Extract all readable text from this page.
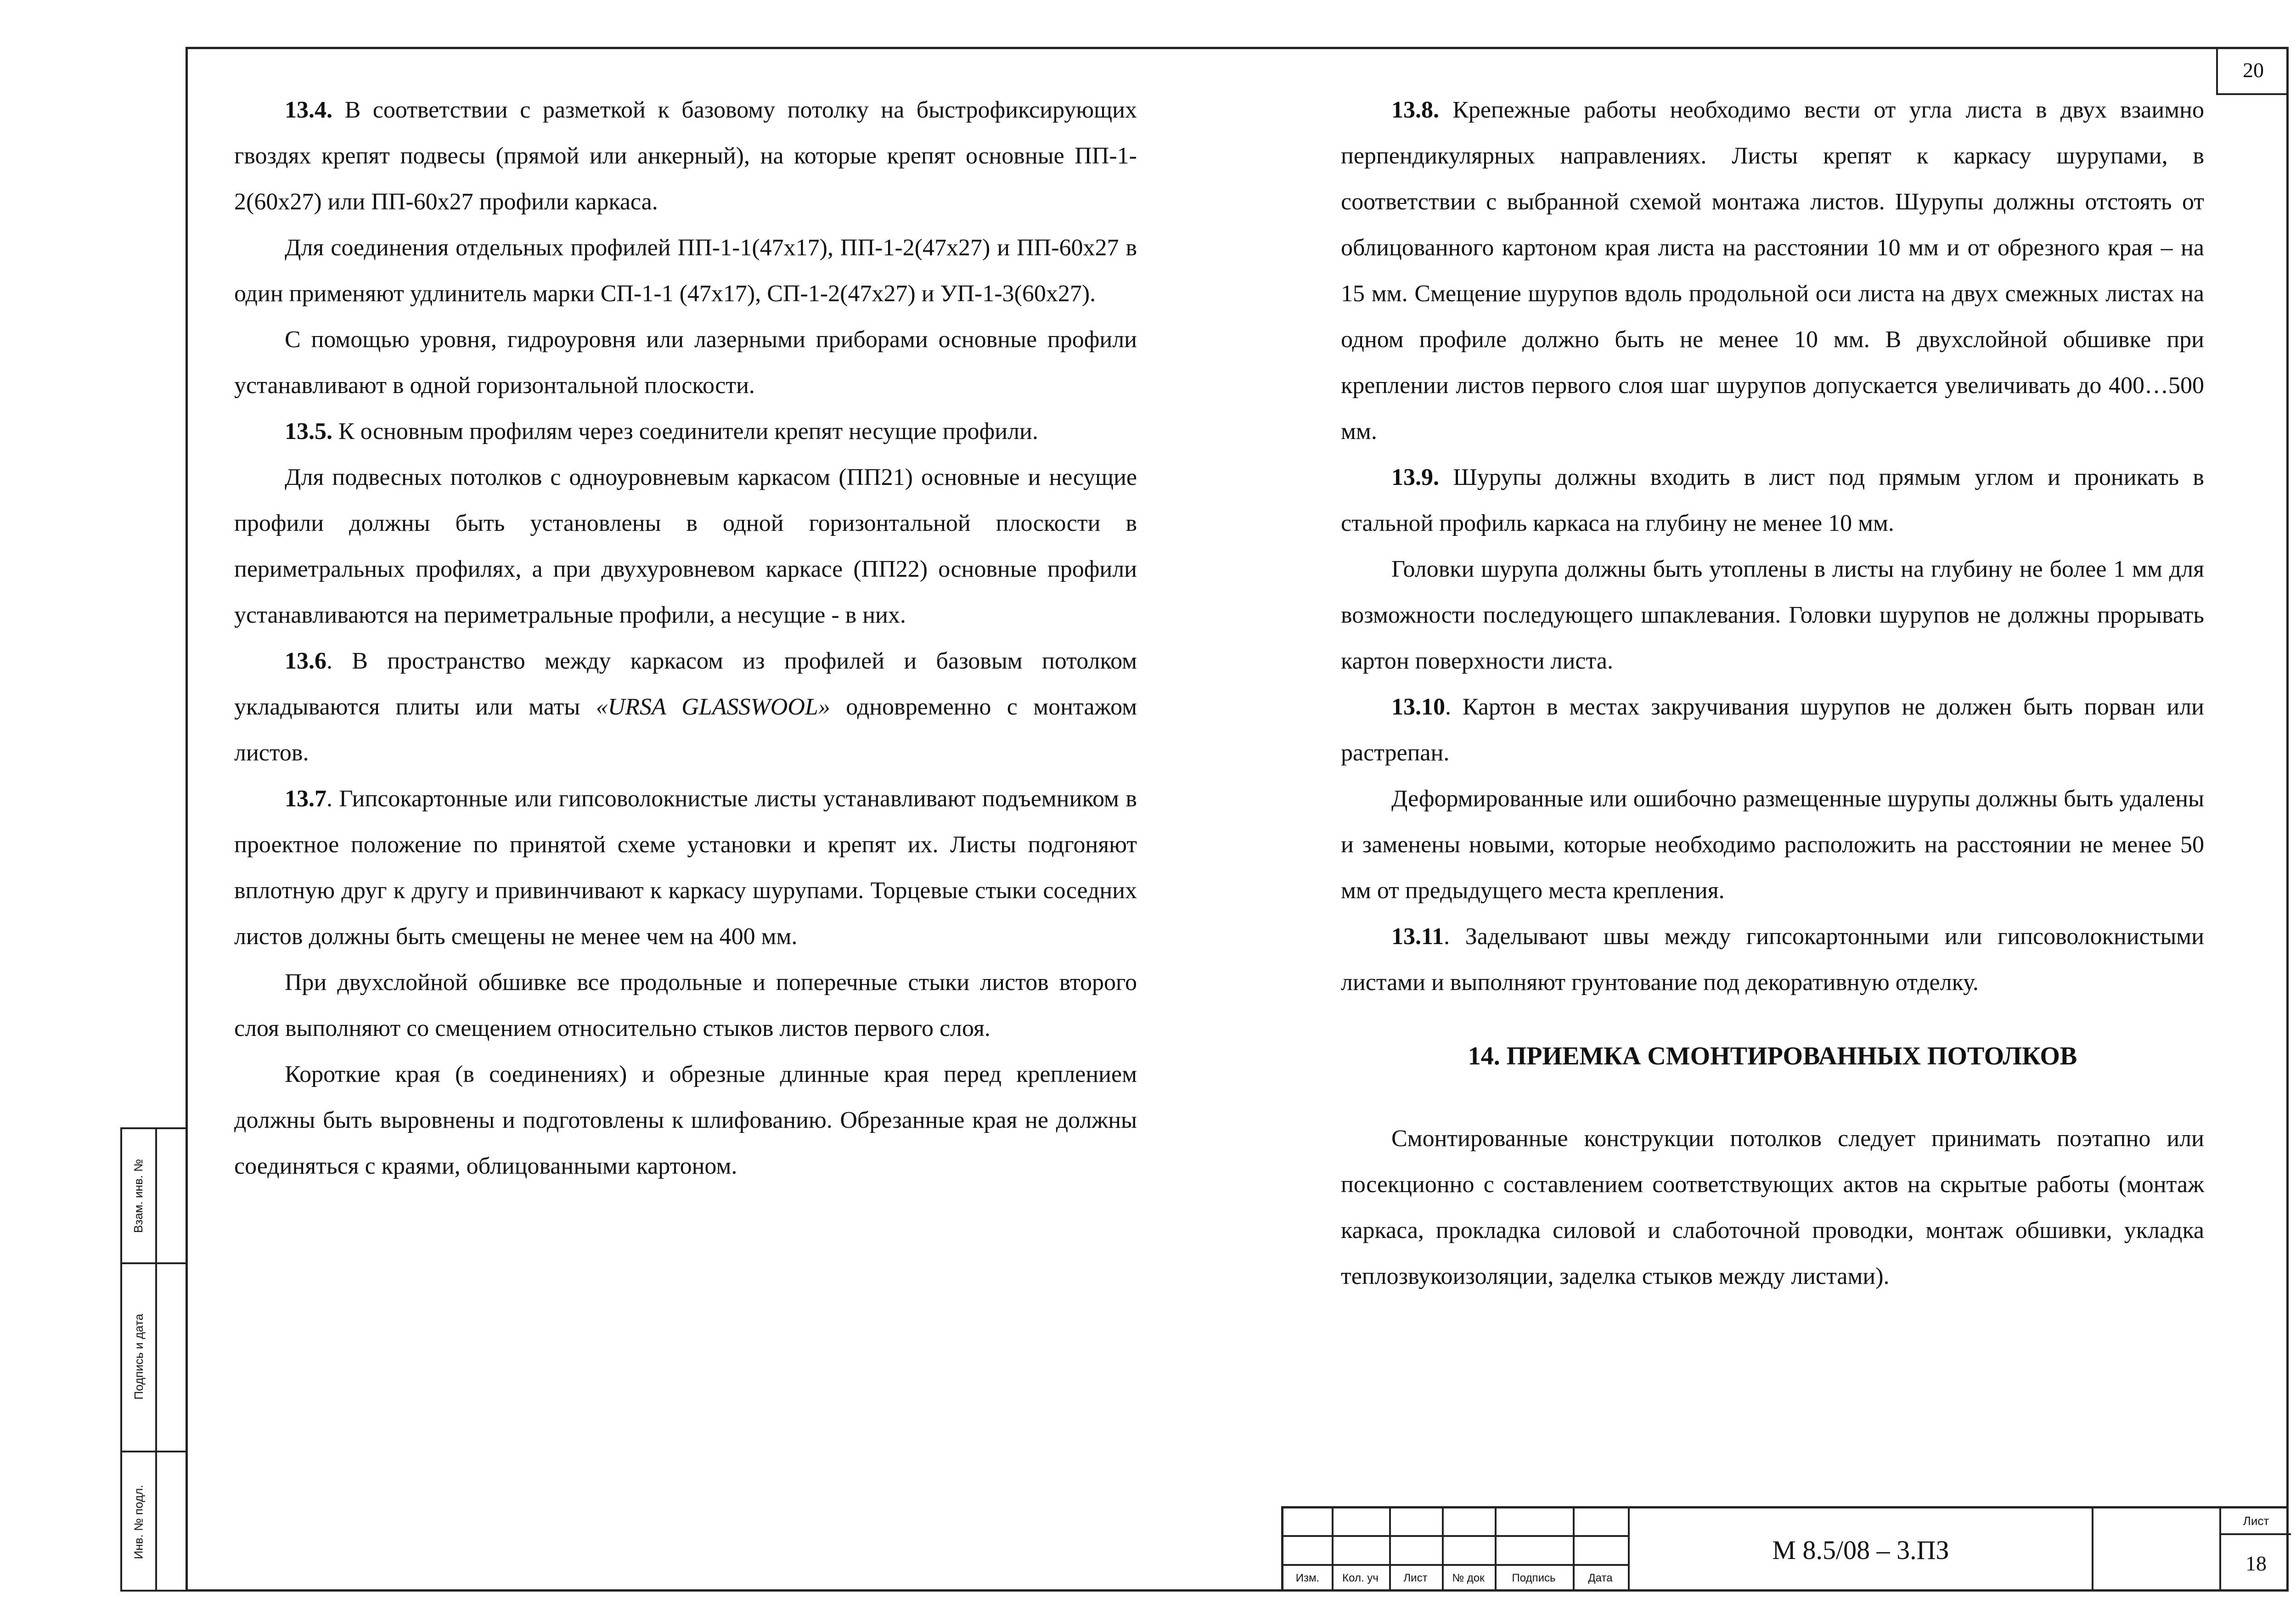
20

13.4. В соответствии с разметкой к базовому потолку на быстрофиксирующих гвоздях крепят подвесы (прямой или анкерный), на которые крепят основные ПП-1-2(60x27) или ПП-60x27 профили каркаса.

Для соединения отдельных профилей ПП-1-1(47x17), ПП-1-2(47x27) и ПП-60x27 в один применяют удлинитель марки СП-1-1 (47x17), СП-1-2(47x27) и УП-1-3(60x27).

С помощью уровня, гидроуровня или лазерными приборами основные профили устанавливают в одной горизонтальной плоскости.

13.5. К основным профилям через соединители крепят несущие профили.

Для подвесных потолков с одноуровневым каркасом (ПП21) основные и несущие профили должны быть установлены в одной горизонтальной плоскости в периметральных профилях, а при двухуровневом каркасе (ПП22) основные профили устанавливаются на периметральные профили, а несущие - в них.

13.6. В пространство между каркасом из профилей и базовым потолком укладываются плиты или маты «URSA GLASSWOOL» одновременно с монтажом листов.

13.7. Гипсокартонные или гипсоволокнистые листы устанавливают подъемником в проектное положение по принятой схеме установки и крепят их. Листы подгоняют вплотную друг к другу и привинчивают к каркасу шурупами. Торцевые стыки соседних листов должны быть смещены не менее чем на 400 мм.

При двухслойной обшивке все продольные и поперечные стыки листов второго слоя выполняют со смещением относительно стыков листов первого слоя.

Короткие края (в соединениях) и обрезные длинные края перед креплением должны быть выровнены и подготовлены к шлифованию. Обрезанные края не должны соединяться с краями, облицованными картоном.

13.8. Крепежные работы необходимо вести от угла листа в двух взаимно перпендикулярных направлениях. Листы крепят к каркасу шурупами, в соответствии с выбранной схемой монтажа листов. Шурупы должны отстоять от облицованного картоном края листа на расстоянии 10 мм и от обрезного края – на 15 мм. Смещение шурупов вдоль продольной оси листа на двух смежных листах на одном профиле должно быть не менее 10 мм. В двухслойной обшивке при креплении листов первого слоя шаг шурупов допускается увеличивать до 400…500 мм.

13.9. Шурупы должны входить в лист под прямым углом и проникать в стальной профиль каркаса на глубину не менее 10 мм.

Головки шурупа должны быть утоплены в листы на глубину не более 1 мм для возможности последующего шпаклевания. Головки шурупов не должны прорывать картон поверхности листа.

13.10. Картон в местах закручивания шурупов не должен быть порван или растрепан.

Деформированные или ошибочно размещенные шурупы должны быть удалены и заменены новыми, которые необходимо расположить на расстоянии не менее 50 мм от предыдущего места крепления.

13.11. Заделывают швы между гипсокартонными или гипсоволокнистыми листами и выполняют грунтование под декоративную отделку.

14. ПРИЕМКА СМОНТИРОВАННЫХ ПОТОЛКОВ

Смонтированные конструкции потолков следует принимать поэтапно или посекционно с составлением соответствующих актов на скрытые работы (монтаж каркаса, прокладка силовой и слаботочной проводки, монтаж обшивки, укладка теплозвукоизоляции, заделка стыков между листами).

Взам. инв. №
Подпись и дата
Инв. № подл.
Изм.	Кол. уч	Лист	№ док	Подпись	Дата
М 8.5/08 – 3.ПЗ
Лист
18
